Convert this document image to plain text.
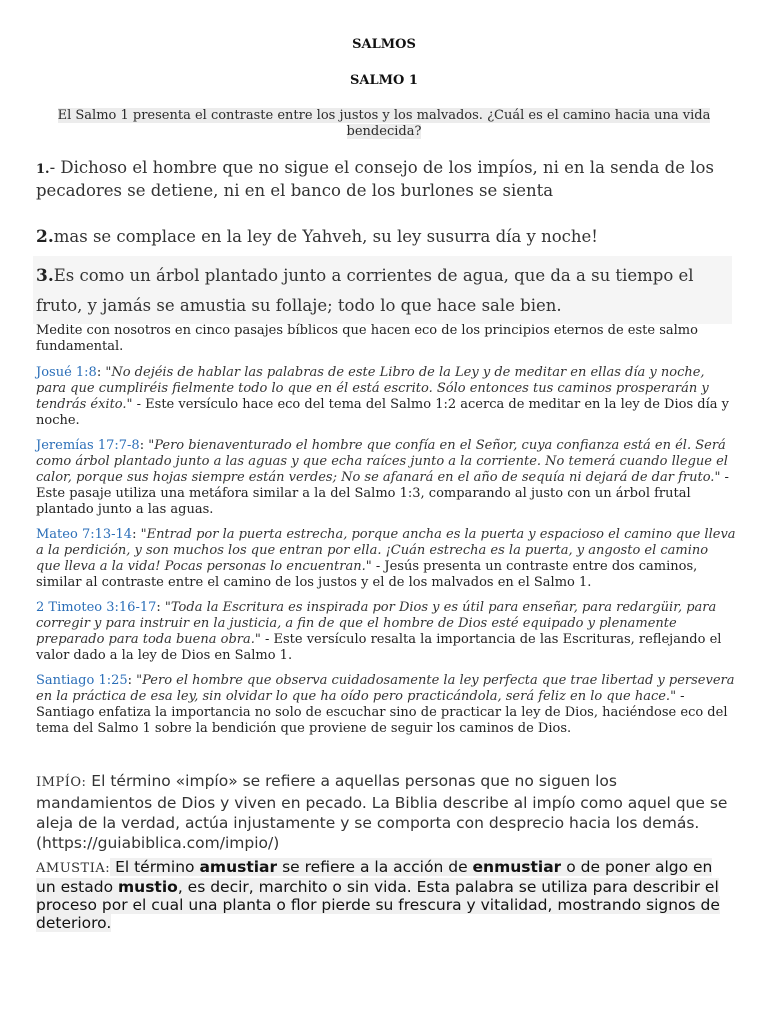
SALMOS
SALMO 1
El Salmo 1 presenta el contraste entre los justos y los malvados. ¿Cuál es el camino hacia una vida bendecida?
1.- Dichoso el hombre que no sigue el consejo de los impíos, ni en la senda de los pecadores se detiene, ni en el banco de los burlones se sienta
2.mas se complace en la ley de Yahveh, su ley susurra día y noche!
3.Es como un árbol plantado junto a corrientes de agua, que da a su tiempo el fruto, y jamás se amustia su follaje; todo lo que hace sale bien.
Medite con nosotros en cinco pasajes bíblicos que hacen eco de los principios eternos de este salmo fundamental.
Josué 1:8: "No dejéis de hablar las palabras de este Libro de la Ley y de meditar en ellas día y noche, para que cumpliréis fielmente todo lo que en él está escrito. Sólo entonces tus caminos prosperarán y tendrás éxito." - Este versículo hace eco del tema del Salmo 1:2 acerca de meditar en la ley de Dios día y noche.
Jeremías 17:7-8: "Pero bienaventurado el hombre que confía en el Señor, cuya confianza está en él. Será como árbol plantado junto a las aguas y que echa raíces junto a la corriente. No temerá cuando llegue el calor, porque sus hojas siempre están verdes; No se afanará en el año de sequía ni dejará de dar fruto." - Este pasaje utiliza una metáfora similar a la del Salmo 1:3, comparando al justo con un árbol frutal plantado junto a las aguas.
Mateo 7:13-14: "Entrad por la puerta estrecha, porque ancha es la puerta y espacioso el camino que lleva a la perdición, y son muchos los que entran por ella. ¡Cuán estrecha es la puerta, y angosto el camino que lleva a la vida! Pocas personas lo encuentran." - Jesús presenta un contraste entre dos caminos, similar al contraste entre el camino de los justos y el de los malvados en el Salmo 1.
2 Timoteo 3:16-17: "Toda la Escritura es inspirada por Dios y es útil para enseñar, para redargüir, para corregir y para instruir en la justicia, a fin de que el hombre de Dios esté equipado y plenamente preparado para toda buena obra." - Este versículo resalta la importancia de las Escrituras, reflejando el valor dado a la ley de Dios en Salmo 1.
Santiago 1:25: "Pero el hombre que observa cuidadosamente la ley perfecta que trae libertad y persevera en la práctica de esa ley, sin olvidar lo que ha oído pero practicándola, será feliz en lo que hace." - Santiago enfatiza la importancia no solo de escuchar sino de practicar la ley de Dios, haciéndose eco del tema del Salmo 1 sobre la bendición que proviene de seguir los caminos de Dios.
IMPÍO: El término «impío» se refiere a aquellas personas que no siguen los mandamientos de Dios y viven en pecado. La Biblia describe al impío como aquel que se aleja de la verdad, actúa injustamente y se comporta con desprecio hacia los demás. (https://guiabiblica.com/impio/)
AMUSTIA: El término amustiar se refiere a la acción de enmustiar o de poner algo en un estado mustio, es decir, marchito o sin vida. Esta palabra se utiliza para describir el proceso por el cual una planta o flor pierde su frescura y vitalidad, mostrando signos de deterioro.
